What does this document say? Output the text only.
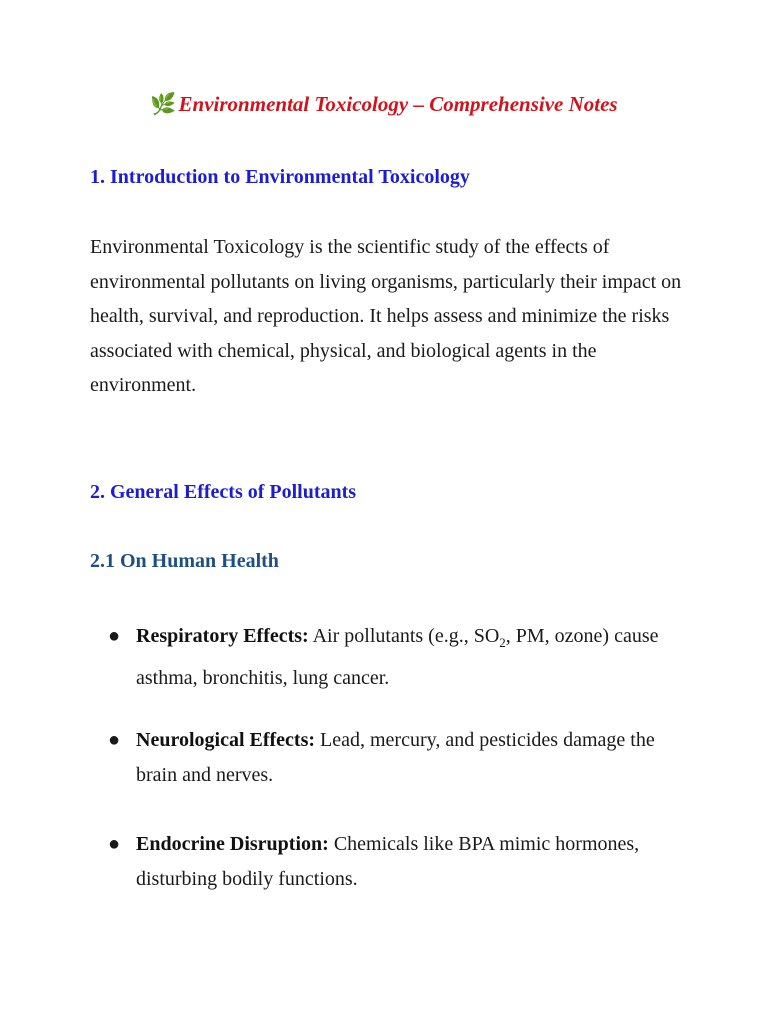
🌿Environmental Toxicology – Comprehensive Notes
1. Introduction to Environmental Toxicology

Environmental Toxicology is the scientific study of the effects of environmental pollutants on living organisms, particularly their impact on health, survival, and reproduction. It helps assess and minimize the risks associated with chemical, physical, and biological agents in the environment.

2. General Effects of Pollutants
2.1 On Human Health
● Respiratory Effects: Air pollutants (e.g., $SO_2$, PM, ozone) cause asthma, bronchitis, lung cancer.
● Neurological Effects: Lead, mercury, and pesticides damage the brain and nerves.
● Endocrine Disruption: Chemicals like BPA mimic hormones, disturbing bodily functions.
